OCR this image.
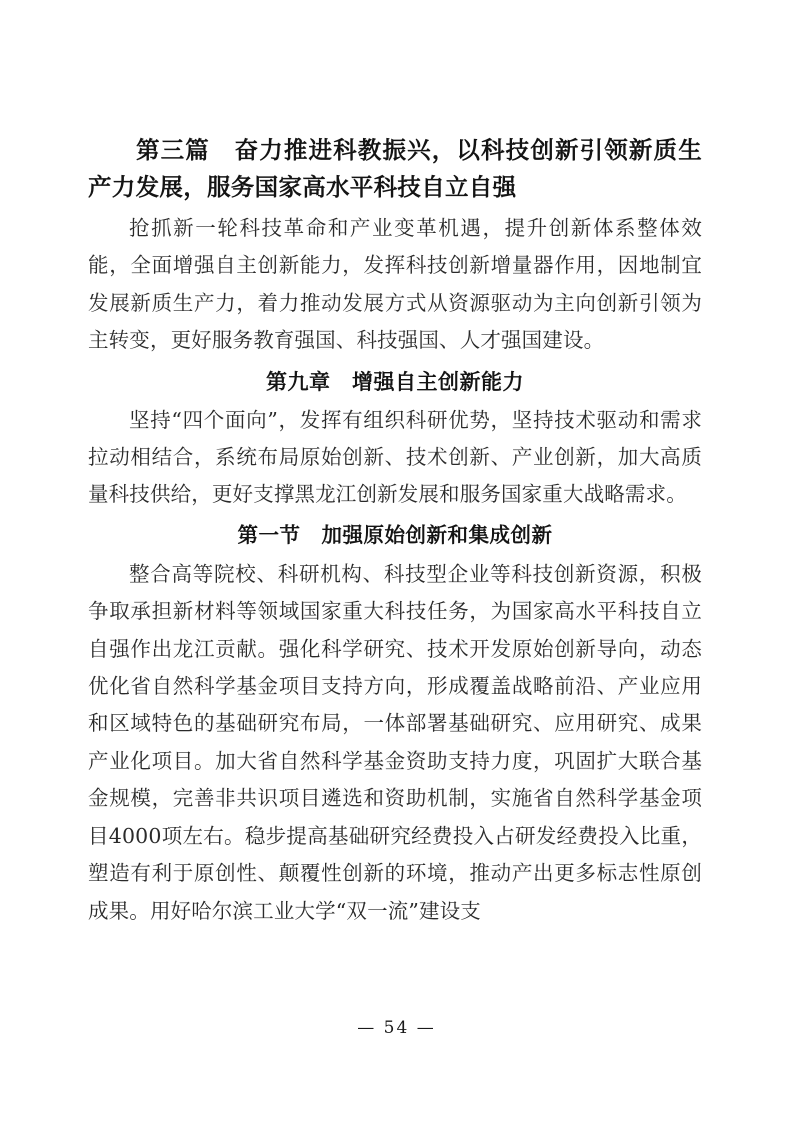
第三篇　奋力推进科教振兴，以科技创新引领新质生产力发展，服务国家高水平科技自立自强

抢抓新一轮科技革命和产业变革机遇，提升创新体系整体效能，全面增强自主创新能力，发挥科技创新增量器作用，因地制宜发展新质生产力，着力推动发展方式从资源驱动为主向创新引领为主转变，更好服务教育强国、科技强国、人才强国建设。

第九章　增强自主创新能力

坚持“四个面向”，发挥有组织科研优势，坚持技术驱动和需求拉动相结合，系统布局原始创新、技术创新、产业创新，加大高质量科技供给，更好支撑黑龙江创新发展和服务国家重大战略需求。

第一节　加强原始创新和集成创新

整合高等院校、科研机构、科技型企业等科技创新资源，积极争取承担新材料等领域国家重大科技任务，为国家高水平科技自立自强作出龙江贡献。强化科学研究、技术开发原始创新导向，动态优化省自然科学基金项目支持方向，形成覆盖战略前沿、产业应用和区域特色的基础研究布局，一体部署基础研究、应用研究、成果产业化项目。加大省自然科学基金资助支持力度，巩固扩大联合基金规模，完善非共识项目遴选和资助机制，实施省自然科学基金项目4000项左右。稳步提高基础研究经费投入占研发经费投入比重，塑造有利于原创性、颠覆性创新的环境，推动产出更多标志性原创成果。用好哈尔滨工业大学“双一流”建设支

— 54 —
